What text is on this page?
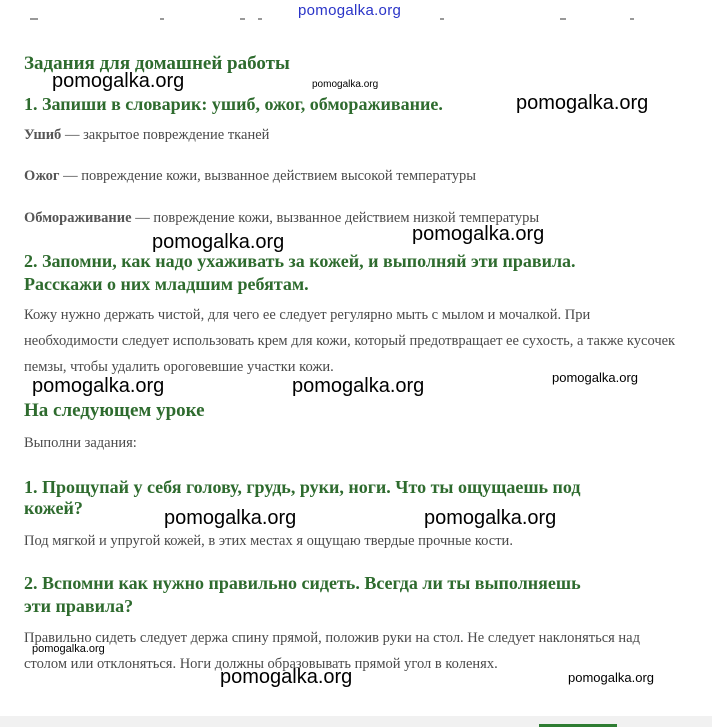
pomogalka.org
Задания для домашней работы
1. Запиши в словарик: ушиб, ожог, обмораживание.

Ушиб — закрытое повреждение тканей

Ожог — повреждение кожи, вызванное действием высокой температуры

Обмораживание — повреждение кожи, вызванное действием низкой температуры

2. Запомни, как надо ухаживать за кожей, и выполняй эти правила.
Расскажи о них младшим ребятам.

Кожу нужно держать чистой, для чего ее следует регулярно мыть с мылом и мочалкой. При необходимости следует использовать крем для кожи, который предотвращает ее сухость, а также кусочек пемзы, чтобы удалить ороговевшие участки кожи.

На следующем уроке

Выполни задания:

1. Прощупай у себя голову, грудь, руки, ноги. Что ты ощущаешь под
кожей?

Под мягкой и упругой кожей, в этих местах я ощущаю твердые прочные кости.

2. Вспомни как нужно правильно сидеть. Всегда ли ты выполняешь
эти правила?

Правильно сидеть следует держа спину прямой, положив руки на стол. Не следует наклоняться над столом или отклоняться. Ноги должны образовывать прямой угол в коленях.

pomogalka.org	pomogalka.org
pomogalka.org
pomogalka.org	pomogalka.org
pomogalka.org	pomogalka.org	pomogalka.org
pomogalka.org	pomogalka.org
pomogalka.org
pomogalka.org	pomogalka.org
